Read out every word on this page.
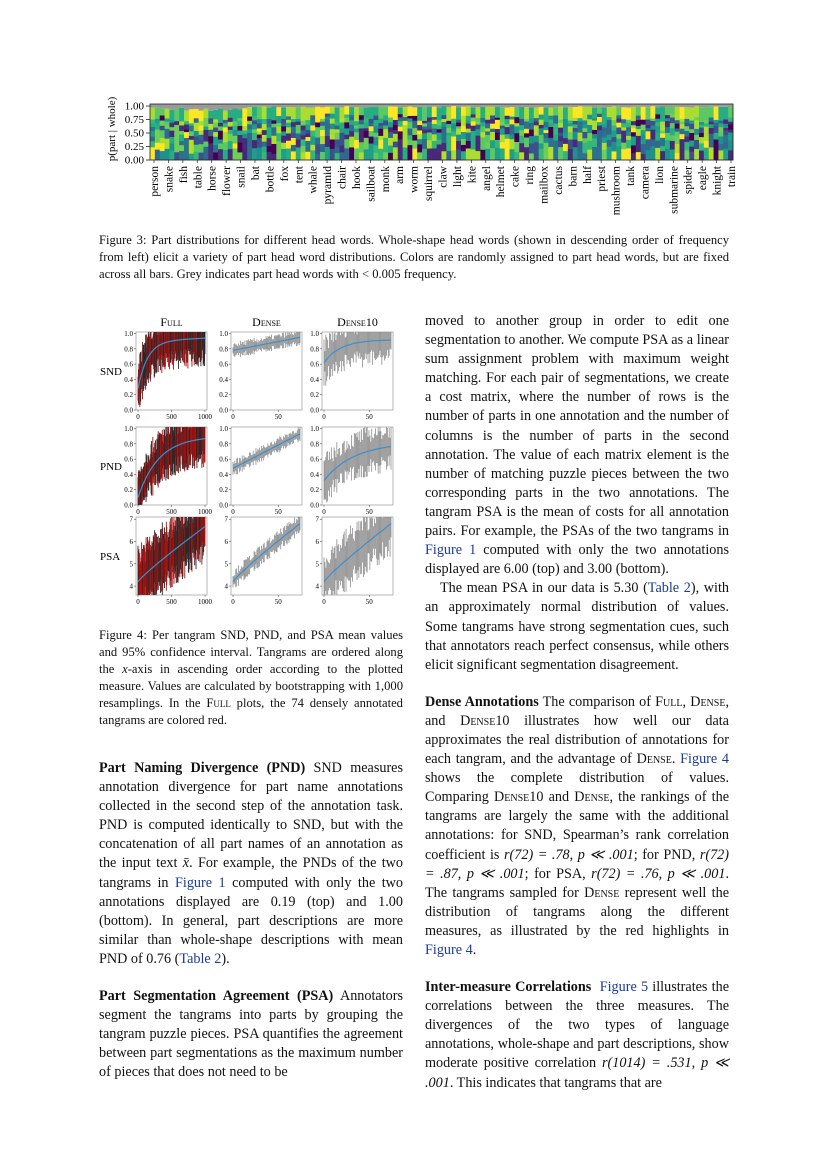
p(part | whole) 0.00
0.25
0.50
0.75
1.00
person snake fish table horse flower snail bat bottle fox tent whale pyramid chair hook sailboat monk arm worm squirrel claw light kite angel helmet cake ring mailbox cactus barn half priest mushroom tank camera lion submarine spider eagle knight train
Figure 3: Part distributions for different head words. Whole-shape head words (shown in descending order of frequency from left) elicit a variety of part head word distributions. Colors are randomly assigned to part head words, but are fixed across all bars. Grey indicates part head words with < 0.005 frequency.
Full	Dense	Dense10
SND
PND
PSA
0.0
0.2
0.4
0.6
0.8
1.0
0	500	1000
0.0
0.2
0.4
0.6
0.8
1.0
0	50
0.0
0.2
0.4
0.6
0.8
1.0
0	50
0.0
0.2
0.4
0.6
0.8
1.0
0	500	1000
0.0
0.2
0.4
0.6
0.8
1.0
0	50
0.0
0.2
0.4
0.6
0.8
1.0
0	50
4
5
6
7
0	500	1000
4
5
6
7
0	50
4
5
6
7
0	50
Figure 4: Per tangram SND, PND, and PSA mean values and 95% confidence interval. Tangrams are ordered along the x-axis in ascending order according to the plotted measure. Values are calculated by bootstrapping with 1,000 resamplings. In the Full plots, the 74 densely annotated tangrams are colored red.

Part Naming Divergence (PND) SND measures annotation divergence for part name annotations collected in the second step of the annotation task. PND is computed identically to SND, but with the concatenation of all part names of an annotation as the input text x̄. For example, the PNDs of the two tangrams in Figure 1 computed with only the two annotations displayed are 0.19 (top) and 1.00 (bottom). In general, part descriptions are more similar than whole-shape descriptions with mean PND of 0.76 (Table 2).

Part Segmentation Agreement (PSA) Annotators segment the tangrams into parts by grouping the tangram puzzle pieces. PSA quantifies the agreement between part segmentations as the maximum number of pieces that does not need to be

moved to another group in order to edit one segmentation to another. We compute PSA as a linear sum assignment problem with maximum weight matching. For each pair of segmentations, we create a cost matrix, where the number of rows is the number of parts in one annotation and the number of columns is the number of parts in the second annotation. The value of each matrix element is the number of matching puzzle pieces between the two corresponding parts in the two annotations. The tangram PSA is the mean of costs for all annotation pairs. For example, the PSAs of the two tangrams in Figure 1 computed with only the two annotations displayed are 6.00 (top) and 3.00 (bottom).

The mean PSA in our data is 5.30 (Table 2), with an approximately normal distribution of values. Some tangrams have strong segmentation cues, such that annotators reach perfect consensus, while others elicit significant segmentation disagreement.

Dense Annotations The comparison of Full, Dense, and Dense10 illustrates how well our data approximates the real distribution of annotations for each tangram, and the advantage of Dense. Figure 4 shows the complete distribution of values. Comparing Dense10 and Dense, the rankings of the tangrams are largely the same with the additional annotations: for SND, Spearman’s rank correlation coefficient is r(72) = .78, p ≪ .001; for PND, r(72) = .87, p ≪ .001; for PSA, r(72) = .76, p ≪ .001. The tangrams sampled for Dense represent well the distribution of tangrams along the different measures, as illustrated by the red highlights in Figure 4.

Inter-measure Correlations Figure 5 illustrates the correlations between the three measures. The divergences of the two types of language annotations, whole-shape and part descriptions, show moderate positive correlation r(1014) = .531, p ≪ .001. This indicates that tangrams that are
